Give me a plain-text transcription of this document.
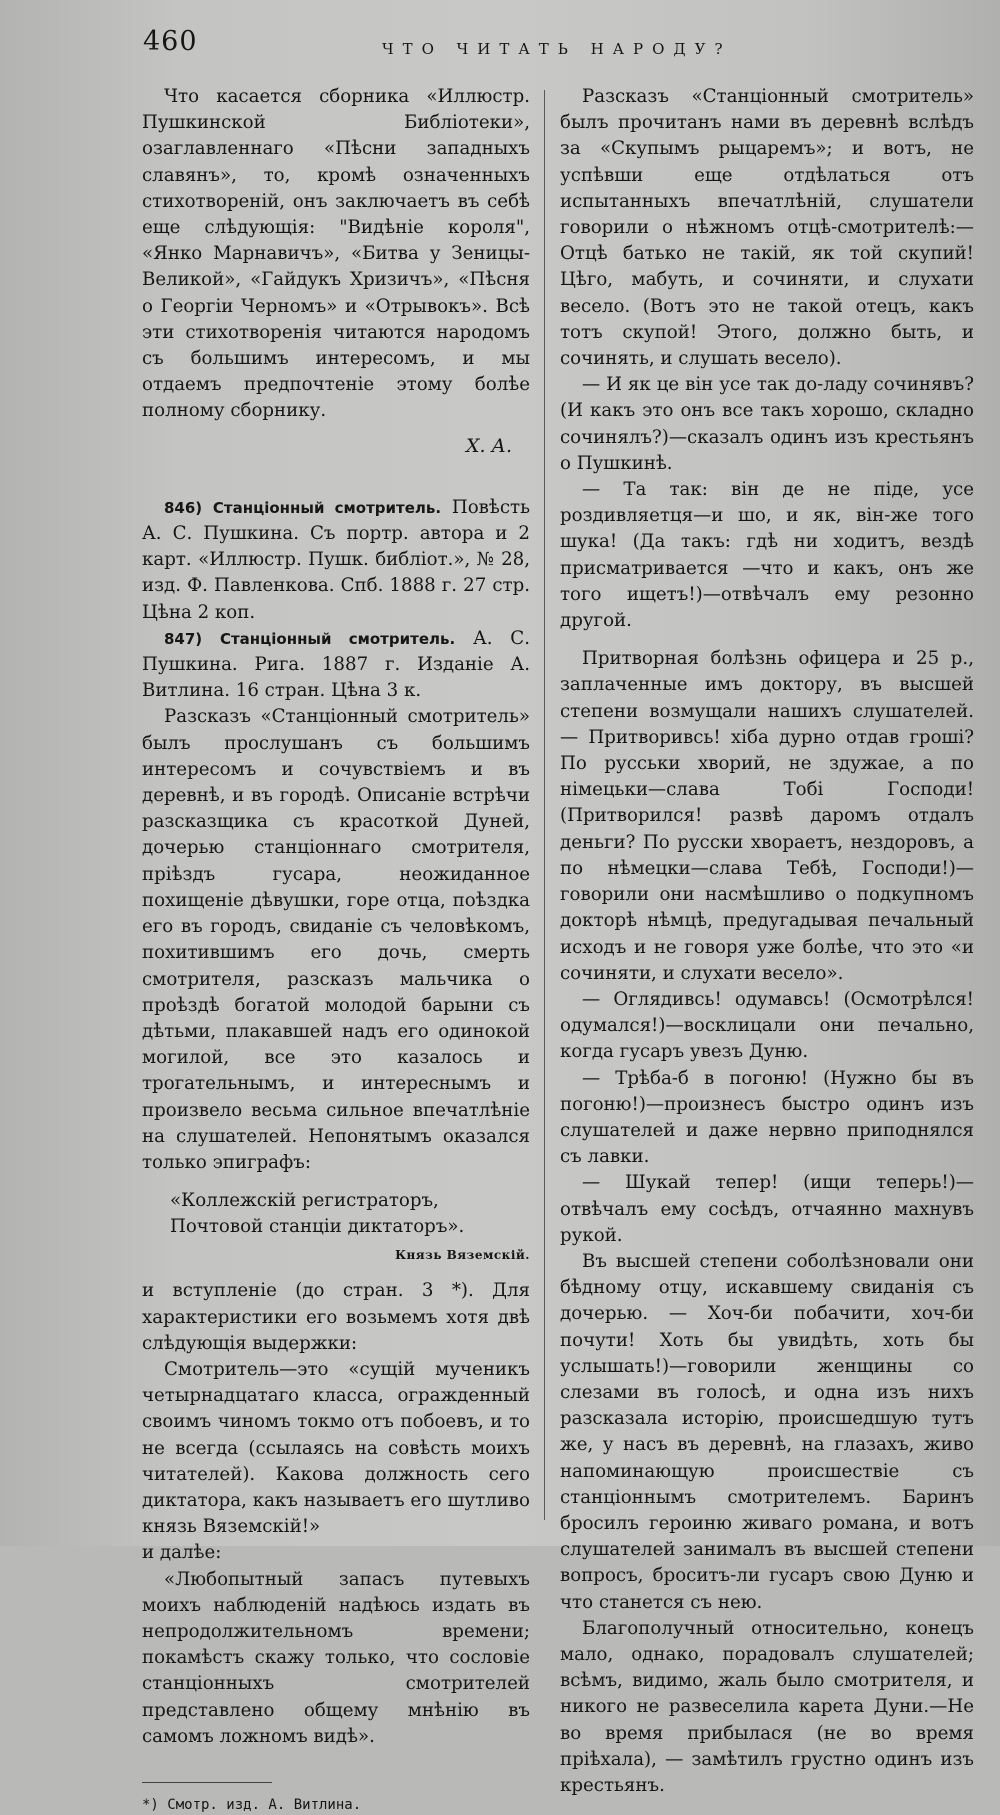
460	ЧТО ЧИТАТЬ НАРОДУ?

Что касается сборника «Иллюстр. Пушкинской Библіотеки», озаглавленнаго «Пѣсни западныхъ славянъ», то, кромѣ означенныхъ стихотвореній, онъ заключаетъ въ себѣ еще слѣдующія: "Видѣніе короля", «Янко Марнавичъ», «Битва у Зеницы-Великой», «Гайдукъ Хризичъ», «Пѣсня о Георгіи Черномъ» и «Отрывокъ». Всѣ эти стихотворенія читаются народомъ съ большимъ интересомъ, и мы отдаемъ предпочтеніе этому болѣе полному сборнику.

Х. А.

846) Станціонный смотритель. Повѣсть А. С. Пушкина. Съ портр. автора и 2 карт. «Иллюстр. Пушк. библіот.», № 28, изд. Ф. Павленкова. Спб. 1888 г. 27 стр. Цѣна 2 коп.

847) Станціонный смотритель. А. С. Пушкина. Рига. 1887 г. Изданіе А. Витлина. 16 стран. Цѣна 3 к.

Разсказъ «Станціонный смотритель» былъ прослушанъ съ большимъ интересомъ и сочувствіемъ и въ деревнѣ, и въ городѣ. Описаніе встрѣчи разсказщика съ красоткой Дуней, дочерью станціоннаго смотрителя, пріѣздъ гусара, неожиданное похищеніе дѣвушки, горе отца, поѣздка его въ городъ, свиданіе съ человѣкомъ, похитившимъ его дочь, смерть смотрителя, разсказъ мальчика о проѣздѣ богатой молодой барыни съ дѣтьми, плакавшей надъ его одинокой могилой, все это казалось и трогательнымъ, и интереснымъ и произвело весьма сильное впечатлѣніе на слушателей. Непонятымъ оказался только эпиграфъ:

«Коллежскій регистраторъ,

Почтовой станціи диктаторъ».

Князь Вяземскій.

и вступленіе (до стран. 3 *). Для характеристики его возьмемъ хотя двѣ слѣдующія выдержки:

Смотритель—это «сущій мученикъ четырнадцатаго класса, огражденный своимъ чиномъ токмо отъ побоевъ, и то не всегда (ссылаясь на совѣсть моихъ читателей). Какова должность сего диктатора, какъ называетъ его шутливо князь Вяземскій!»

и далѣе:

«Любопытный запасъ путевыхъ моихъ наблюденій надѣюсь издать въ непродолжительномъ времени; покамѣстъ скажу только, что сословіе станціонныхъ смотрителей представлено общему мнѣнію въ самомъ ложномъ видѣ».

*) Смотр. изд. А. Витлина.

Разсказъ «Станціонный смотритель» былъ прочитанъ нами въ деревнѣ вслѣдъ за «Скупымъ рыцаремъ»; и вотъ, не успѣвши еще отдѣлаться отъ испытанныхъ впечатлѣній, слушатели говорили о нѣжномъ отцѣ-смотрителѣ:—Отцѣ батько не такій, як той скупий! Цѣго, мабуть, и сочиняти, и слухати весело. (Вотъ это не такой отецъ, какъ тотъ скупой! Этого, должно быть, и сочинять, и слушать весело).

— И як це вiн усе так до-ладу сочинявъ? (И какъ это онъ все такъ хорошо, складно сочинялъ?)—сказалъ одинъ изъ крестьянъ о Пушкинѣ.

— Та так: вiн де не піде, усе роздивляетця—и шо, и як, вiн-же того шука! (Да такъ: гдѣ ни ходитъ, вездѣ присматривается —что и какъ, онъ же того ищетъ!)—отвѣчалъ ему резонно другой.

Притворная болѣзнь офицера и 25 р., заплаченные имъ доктору, въ высшей степени возмущали нашихъ слушателей. — Притворивсь! хіба дурно отдав гроші? По русськи хворий, не здужае, а по нiмецьки—слава Тобі Господи! (Притворился! развѣ даромъ отдалъ деньги? По русски хвораетъ, нездоровъ, а по нѣмецки—слава Тебѣ, Господи!)—говорили они насмѣшливо о подкупномъ докторѣ нѣмцѣ, предугадывая печальный исходъ и не говоря уже болѣе, что это «и сочиняти, и слухати весело».

— Оглядивсь! одумавсь! (Осмотрѣлся! одумался!)—восклицали они печально, когда гусаръ увезъ Дуню.

— Трѣба-б в погоню! (Нужно бы въ погоню!)—произнесъ быстро одинъ изъ слушателей и даже нервно приподнялся съ лавки.

— Шукай тепер! (ищи теперь!)—отвѣчалъ ему сосѣдъ, отчаянно махнувъ рукой.

Въ высшей степени соболѣзновали они бѣдному отцу, искавшему свиданія съ дочерью. — Хоч-би побачити, хоч-би почути! Хоть бы увидѣть, хоть бы услышать!)—говорили женщины со слезами въ голосѣ, и одна изъ нихъ разсказала исторію, происшедшую тутъ же, у насъ въ деревнѣ, на глазахъ, живо напоминающую происшествіе съ станціоннымъ смотрителемъ. Баринъ бросилъ героиню живаго романа, и вотъ слушателей занималъ въ высшей степени вопросъ, броситъ-ли гусаръ свою Дуню и что станется съ нею.

Благополучный относительно, конецъ мало, однако, порадовалъ слушателей; всѣмъ, видимо, жаль было смотрителя, и никого не развеселила карета Дуни.—Не во время прибылася (не во время пріѣхала), — замѣтилъ грустно одинъ изъ крестьянъ.
